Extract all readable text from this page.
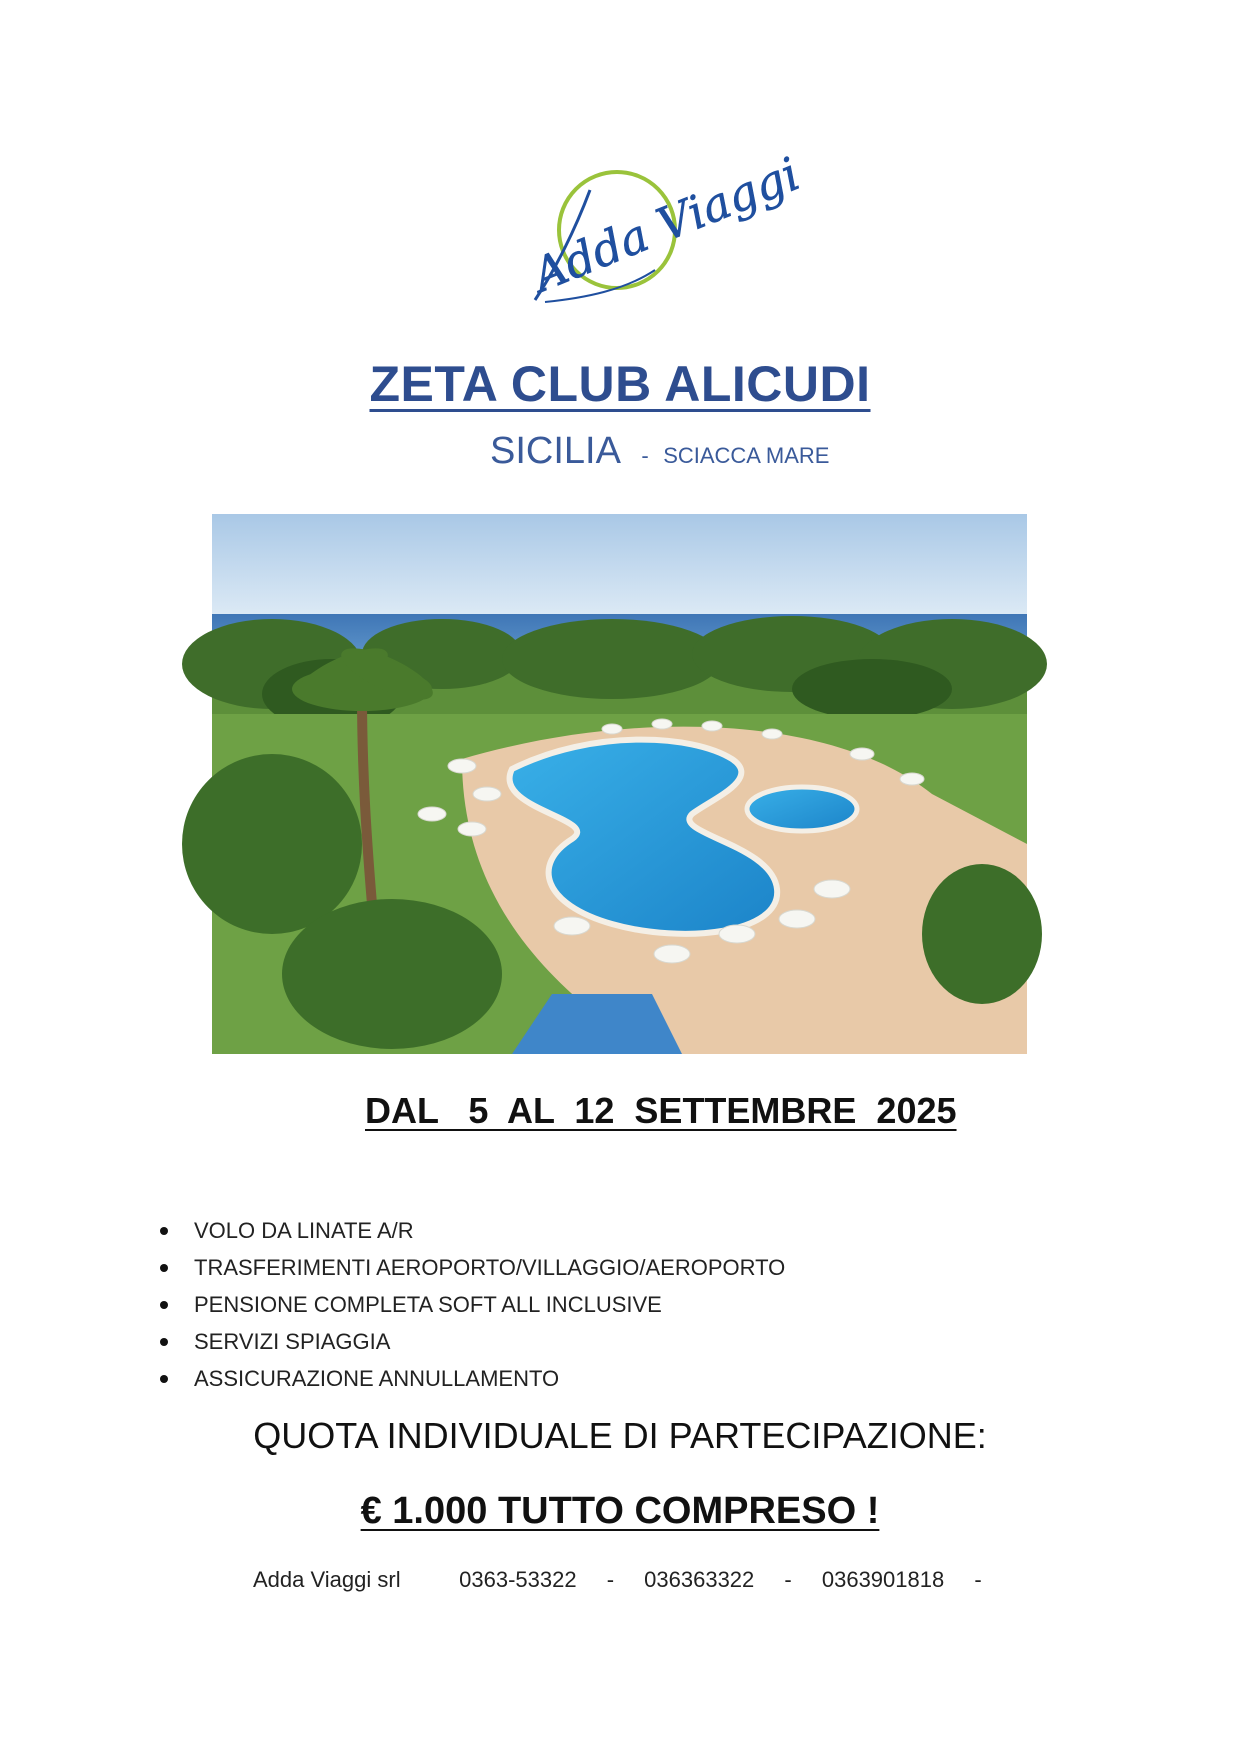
Adda Viaggi
ZETA CLUB ALICUDI
SICILIA - SCIACCA MARE
DAL   5  AL  12  SETTEMBRE  2025
VOLO DA LINATE A/R
TRASFERIMENTI AEROPORTO/VILLAGGIO/AEROPORTO
PENSIONE COMPLETA SOFT ALL INCLUSIVE
SERVIZI SPIAGGIA
ASSICURAZIONE ANNULLAMENTO
QUOTA INDIVIDUALE DI PARTECIPAZIONE:
€ 1.000 TUTTO COMPRESO !
Adda Viaggi srl	0363-53322 - 036363322 - 0363901818 -
